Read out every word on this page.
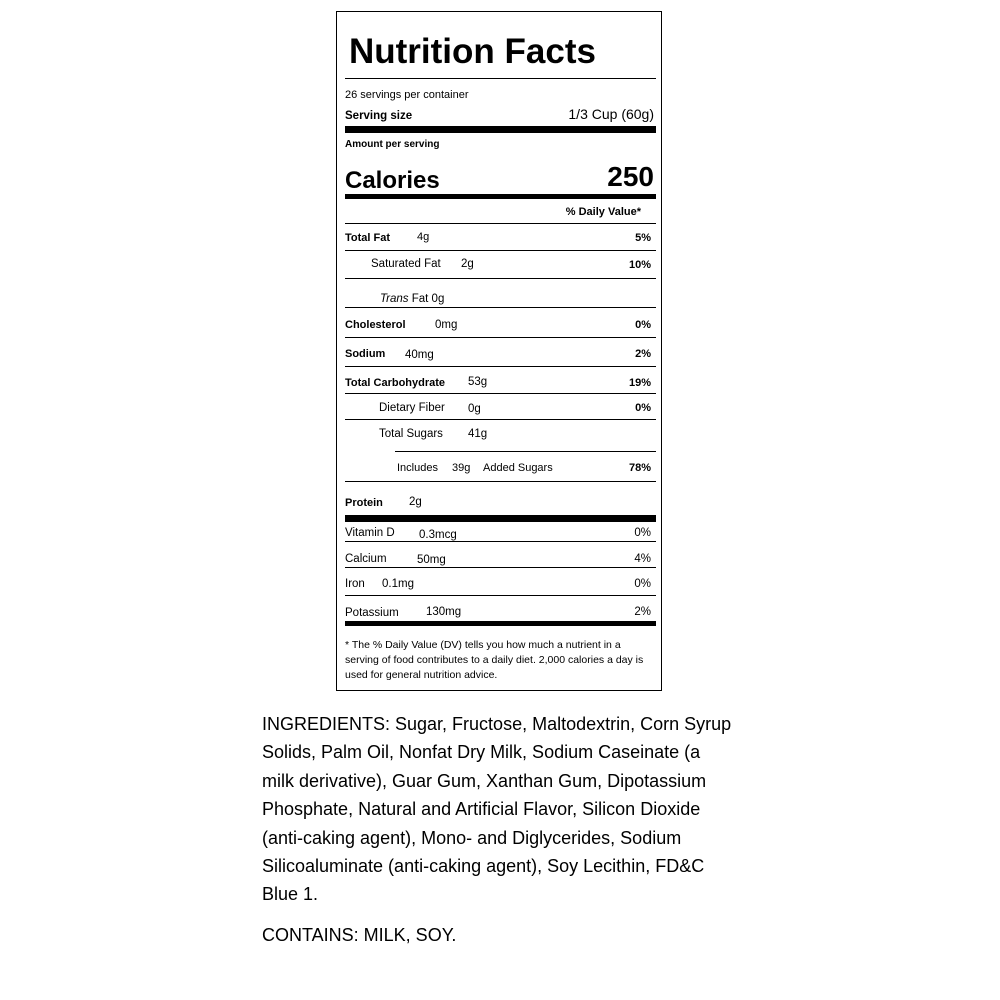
Nutrition Facts
26 servings per container
Serving size	1/3 Cup (60g)
Amount per serving
Calories	250
% Daily Value*
Total Fat 4g	5%
Saturated Fat 2g	10%
Trans Fat 0g
Cholesterol	0mg	0%
Sodium 40mg	2%
Total Carbohydrate 53g	19%
Dietary Fiber 0g	0%
Total Sugars 41g
Includes 39g Added Sugars	78%
Protein 2g
Vitamin D 0.3mcg	0%
Calcium	50mg	4%
Iron 0.1mg	0%
Potassium 130mg	2%
* The % Daily Value (DV) tells you how much a nutrient in a serving of food contributes to a daily diet. 2,000 calories a day is used for general nutrition advice.
INGREDIENTS: Sugar, Fructose, Maltodextrin, Corn Syrup Solids, Palm Oil, Nonfat Dry Milk, Sodium Caseinate (a milk derivative), Guar Gum, Xanthan Gum, Dipotassium Phosphate, Natural and Artificial Flavor, Silicon Dioxide (anti-caking agent), Mono- and Diglycerides, Sodium Silicoaluminate (anti-caking agent), Soy Lecithin, FD&C Blue 1.
CONTAINS: MILK, SOY.
